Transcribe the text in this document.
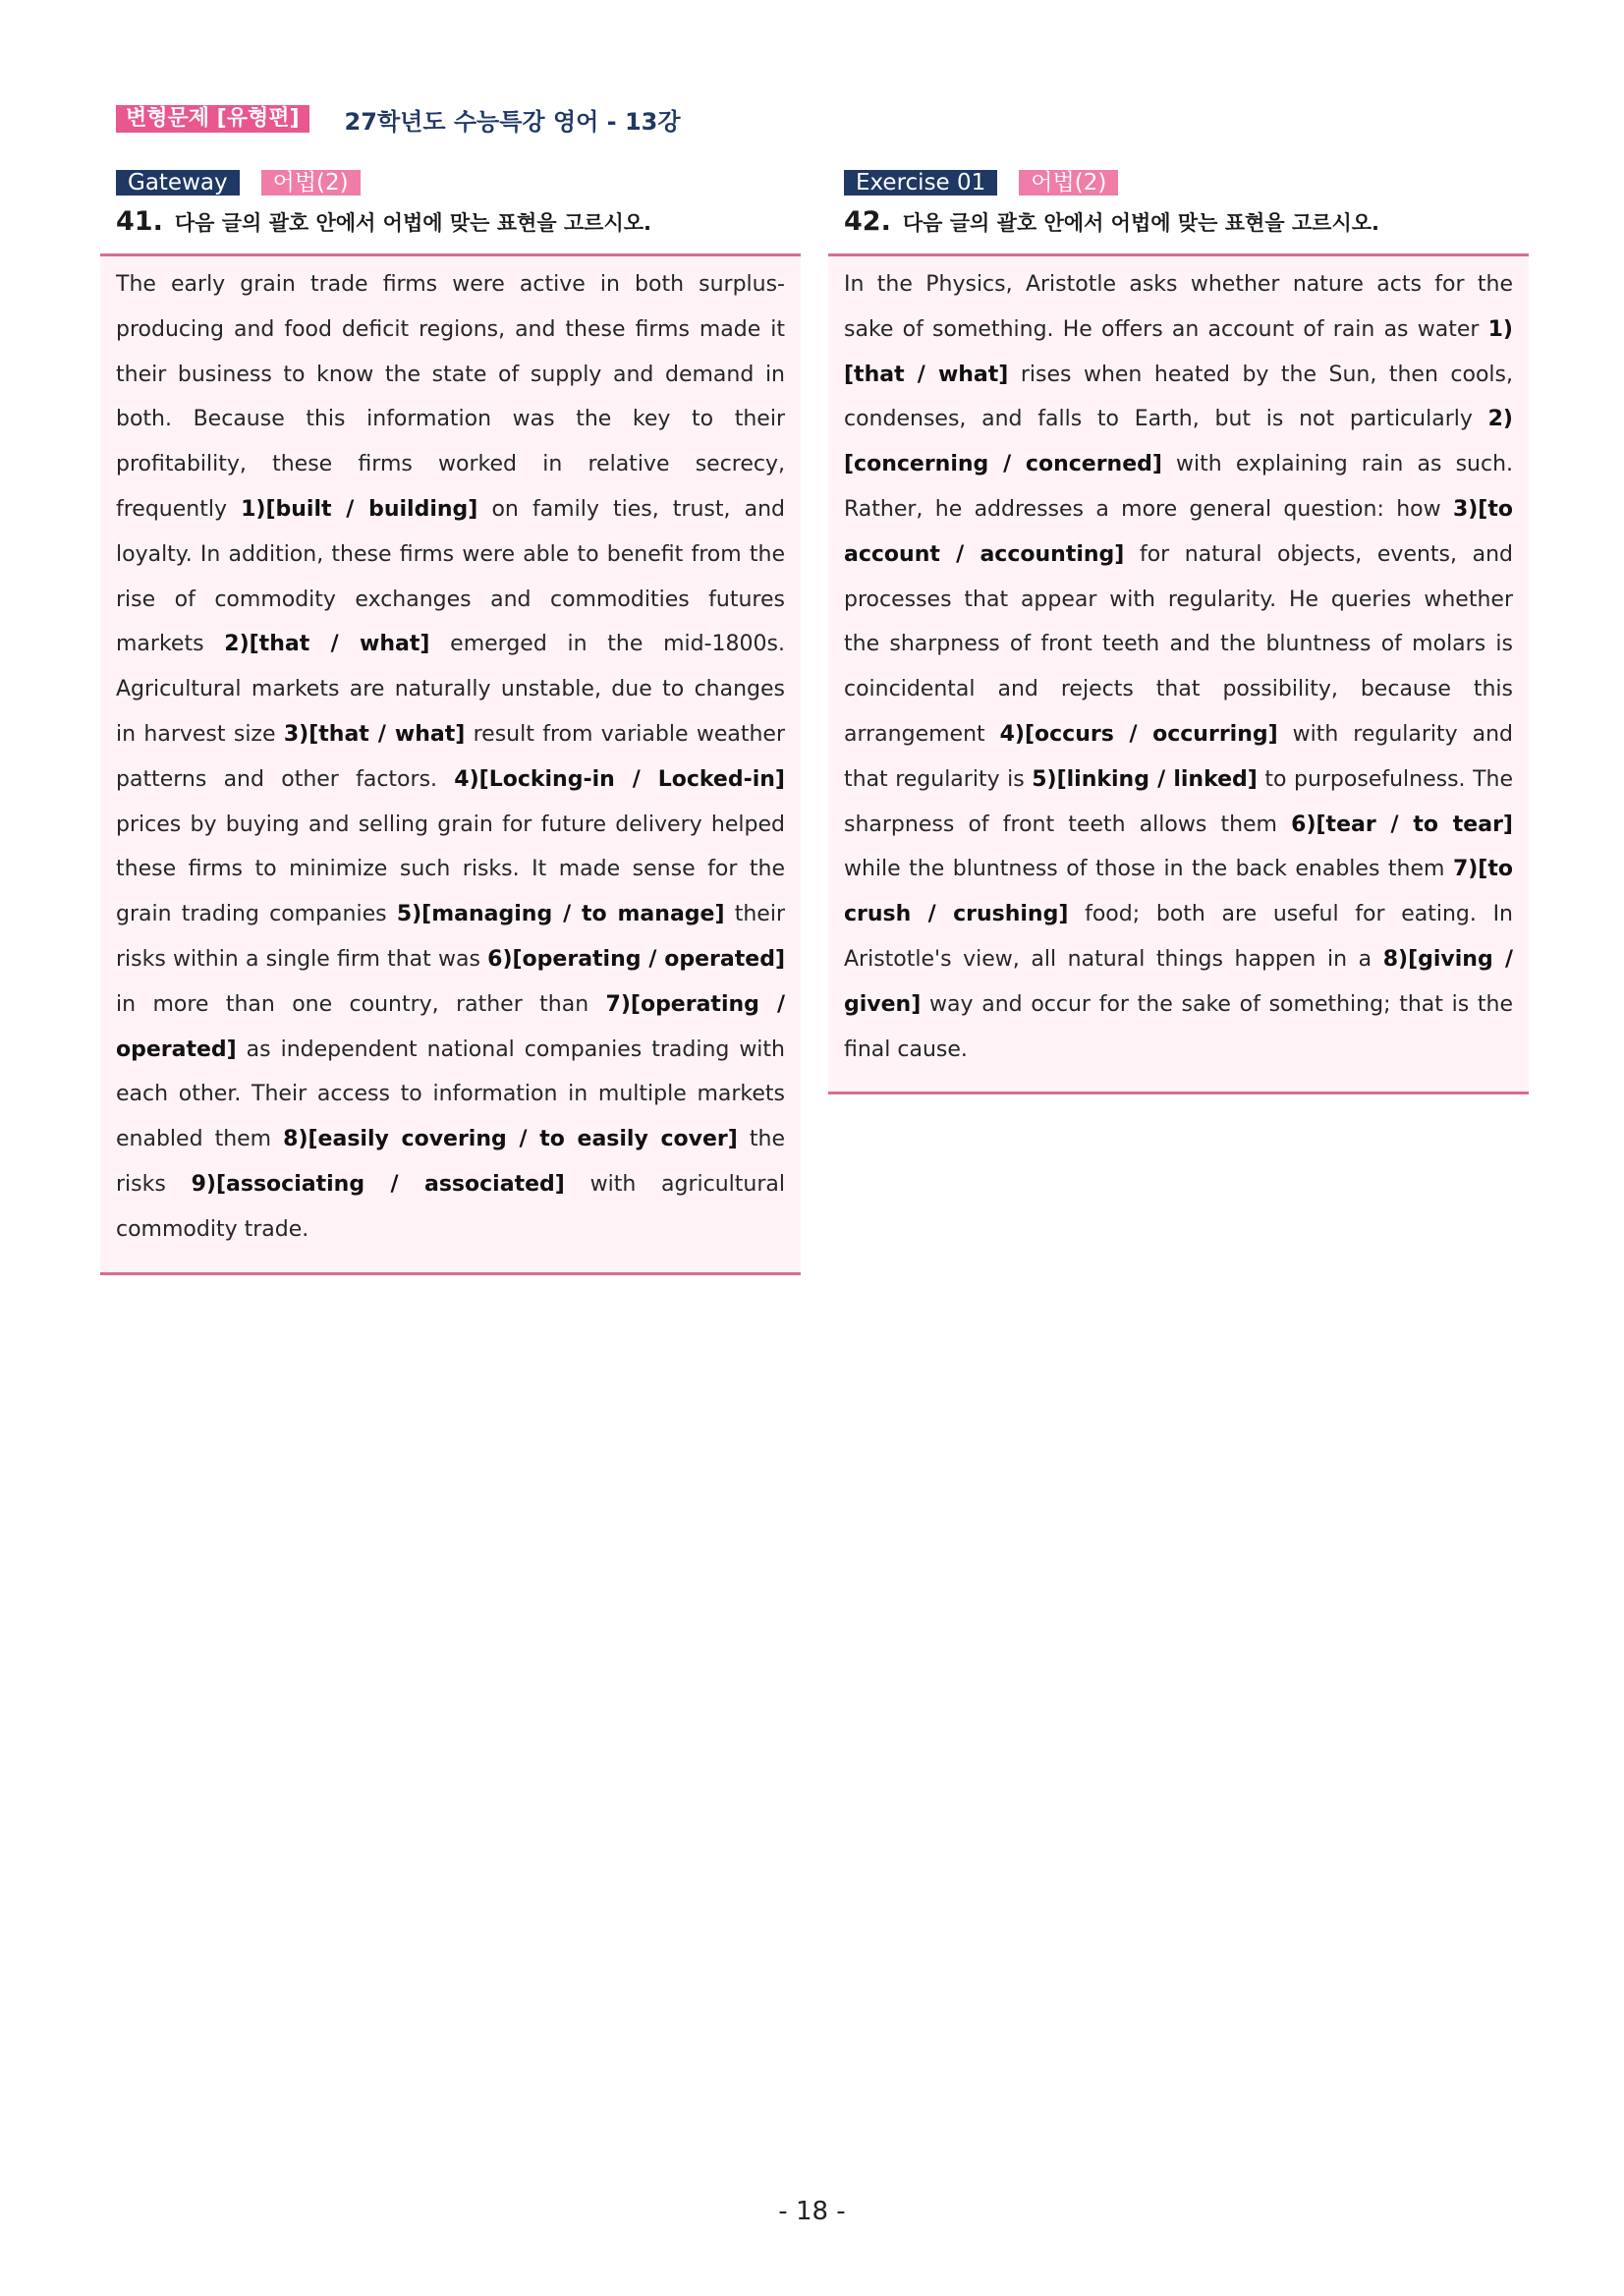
변형문제 [유형편]	27학년도 수능특강 영어 - 13강
Gateway	어법(2)
41. 다음 글의 괄호 안에서 어법에 맞는 표현을 고르시오.
The early grain trade firms were active in both surplus-producing and food deficit regions, and these firms made it their business to know the state of supply and demand in both. Because this information was the key to their profitability, these firms worked in relative secrecy, frequently 1)[built / building] on family ties, trust, and loyalty. In addition, these firms were able to benefit from the rise of commodity exchanges and commodities futures markets 2)[that / what] emerged in the mid-1800s. Agricultural markets are naturally unstable, due to changes in harvest size 3)[that / what] result from variable weather patterns and other factors. 4)[Locking-in / Locked-in] prices by buying and selling grain for future delivery helped these firms to minimize such risks. It made sense for the grain trading companies 5)[managing / to manage] their risks within a single firm that was 6)[operating / operated] in more than one country, rather than 7)[operating / operated] as independent national companies trading with each other. Their access to information in multiple markets enabled them 8)[easily covering / to easily cover] the risks 9)[associating / associated] with agricultural commodity trade.
Exercise 01	어법(2)
42. 다음 글의 괄호 안에서 어법에 맞는 표현을 고르시오.
In the Physics, Aristotle asks whether nature acts for the sake of something. He offers an account of rain as water 1)[that / what] rises when heated by the Sun, then cools, condenses, and falls to Earth, but is not particularly 2)[concerning / concerned] with explaining rain as such. Rather, he addresses a more general question: how 3)[to account / accounting] for natural objects, events, and processes that appear with regularity. He queries whether the sharpness of front teeth and the bluntness of molars is coincidental and rejects that possibility, because this arrangement 4)[occurs / occurring] with regularity and that regularity is 5)[linking / linked] to purposefulness. The sharpness of front teeth allows them 6)[tear / to tear] while the bluntness of those in the back enables them 7)[to crush / crushing] food; both are useful for eating. In Aristotle's view, all natural things happen in a 8)[giving / given] way and occur for the sake of something; that is the final cause.
- 18 -
